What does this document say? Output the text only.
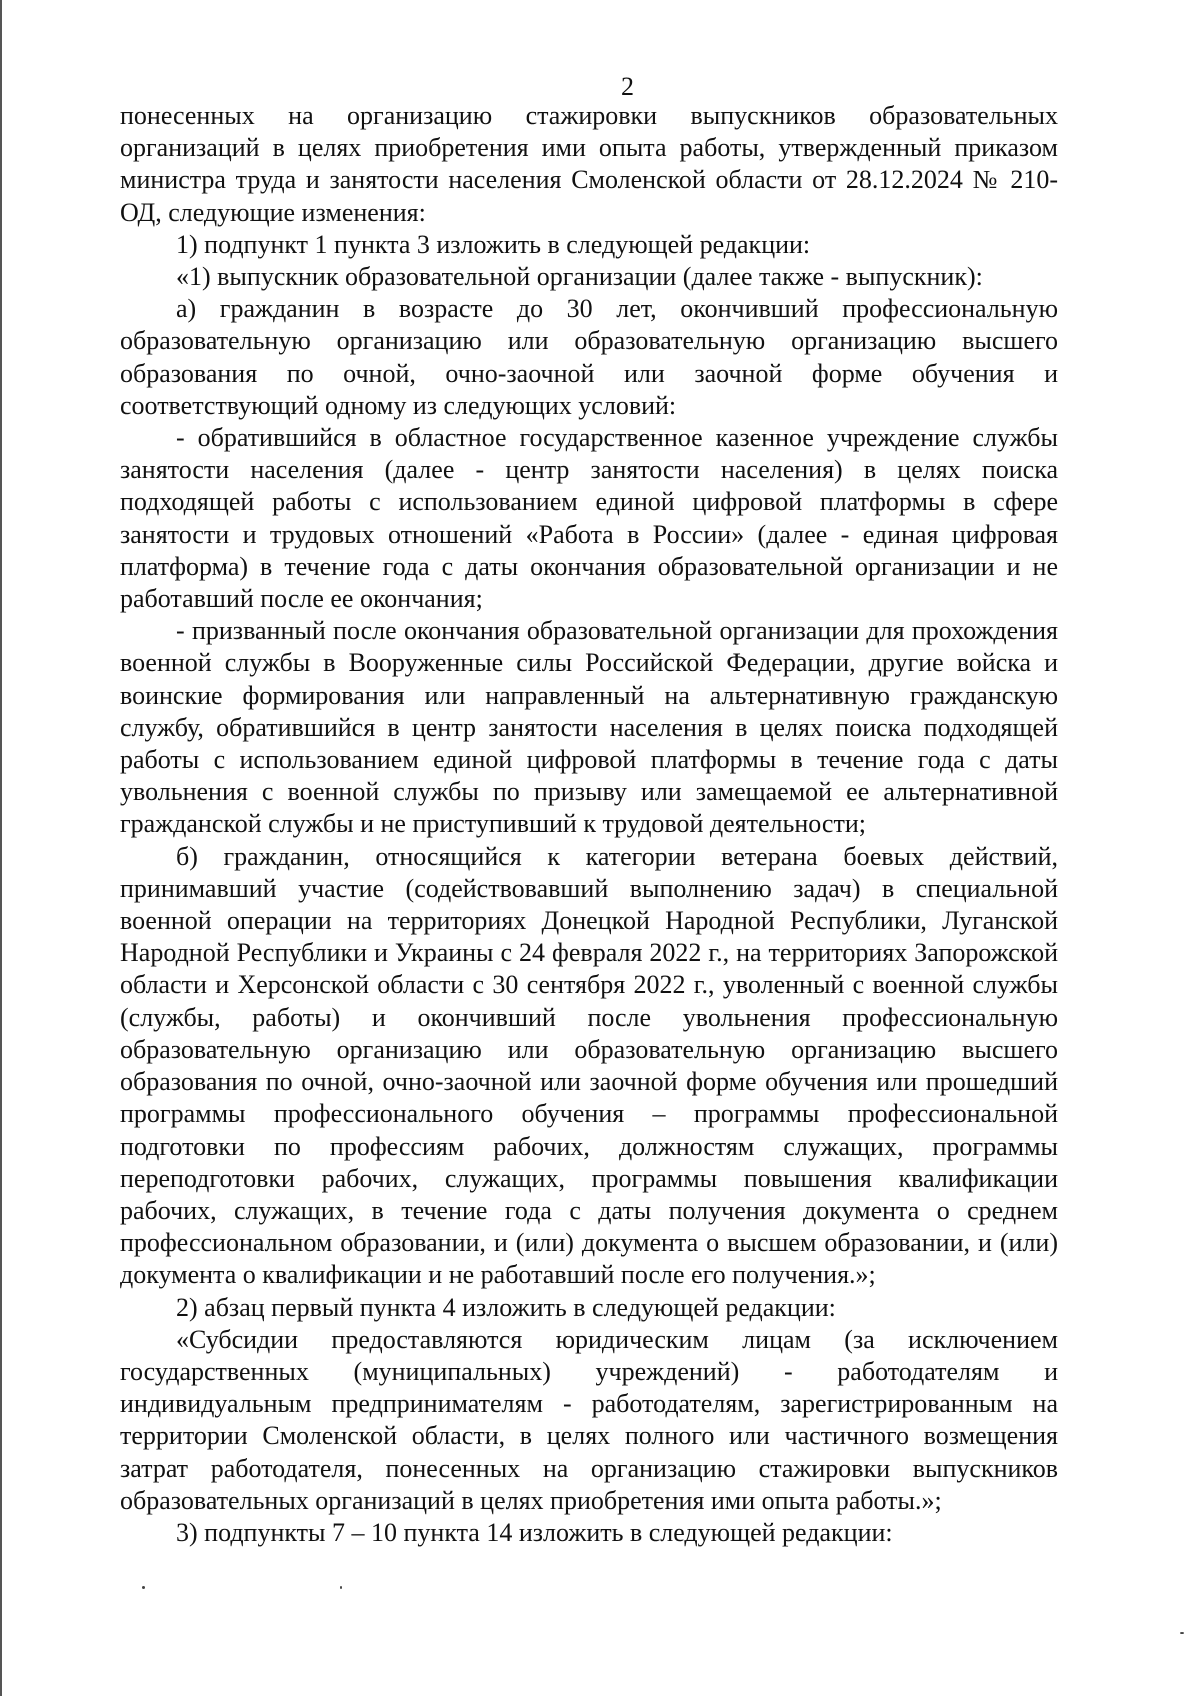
2

понесенных на организацию стажировки выпускников образовательных организаций в целях приобретения ими опыта работы, утвержденный приказом министра труда и занятости населения Смоленской области от 28.12.2024 № 210-ОД, следующие изменения:

1) подпункт 1 пункта 3 изложить в следующей редакции:

«1) выпускник образовательной организации (далее также - выпускник):

а) гражданин в возрасте до 30 лет, окончивший профессиональную образовательную организацию или образовательную организацию высшего образования по очной, очно-заочной или заочной форме обучения и соответствующий одному из следующих условий:

- обратившийся в областное государственное казенное учреждение службы занятости населения (далее - центр занятости населения) в целях поиска подходящей работы с использованием единой цифровой платформы в сфере занятости и трудовых отношений «Работа в России» (далее - единая цифровая платформа) в течение года с даты окончания образовательной организации и не работавший после ее окончания;

- призванный после окончания образовательной организации для прохождения военной службы в Вооруженные силы Российской Федерации, другие войска и воинские формирования или направленный на альтернативную гражданскую службу, обратившийся в центр занятости населения в целях поиска подходящей работы с использованием единой цифровой платформы в течение года с даты увольнения с военной службы по призыву или замещаемой ее альтернативной гражданской службы и не приступивший к трудовой деятельности;

б) гражданин, относящийся к категории ветерана боевых действий, принимавший участие (содействовавший выполнению задач) в специальной военной операции на территориях Донецкой Народной Республики, Луганской Народной Республики и Украины с 24 февраля 2022 г., на территориях Запорожской области и Херсонской области с 30 сентября 2022 г., уволенный с военной службы (службы, работы) и окончивший после увольнения профессиональную образовательную организацию или образовательную организацию высшего образования по очной, очно-заочной или заочной форме обучения или прошедший программы профессионального обучения – программы профессиональной подготовки по профессиям рабочих, должностям служащих, программы переподготовки рабочих, служащих, программы повышения квалификации рабочих, служащих, в течение года с даты получения документа о среднем профессиональном образовании, и (или) документа о высшем образовании, и (или) документа о квалификации и не работавший после его получения.»;

2) абзац первый пункта 4 изложить в следующей редакции:

«Субсидии предоставляются юридическим лицам (за исключением государственных (муниципальных) учреждений) - работодателям и индивидуальным предпринимателям - работодателям, зарегистрированным на территории Смоленской области, в целях полного или частичного возмещения затрат работодателя, понесенных на организацию стажировки выпускников образовательных организаций в целях приобретения ими опыта работы.»;

3) подпункты 7 – 10 пункта 14 изложить в следующей редакции:
